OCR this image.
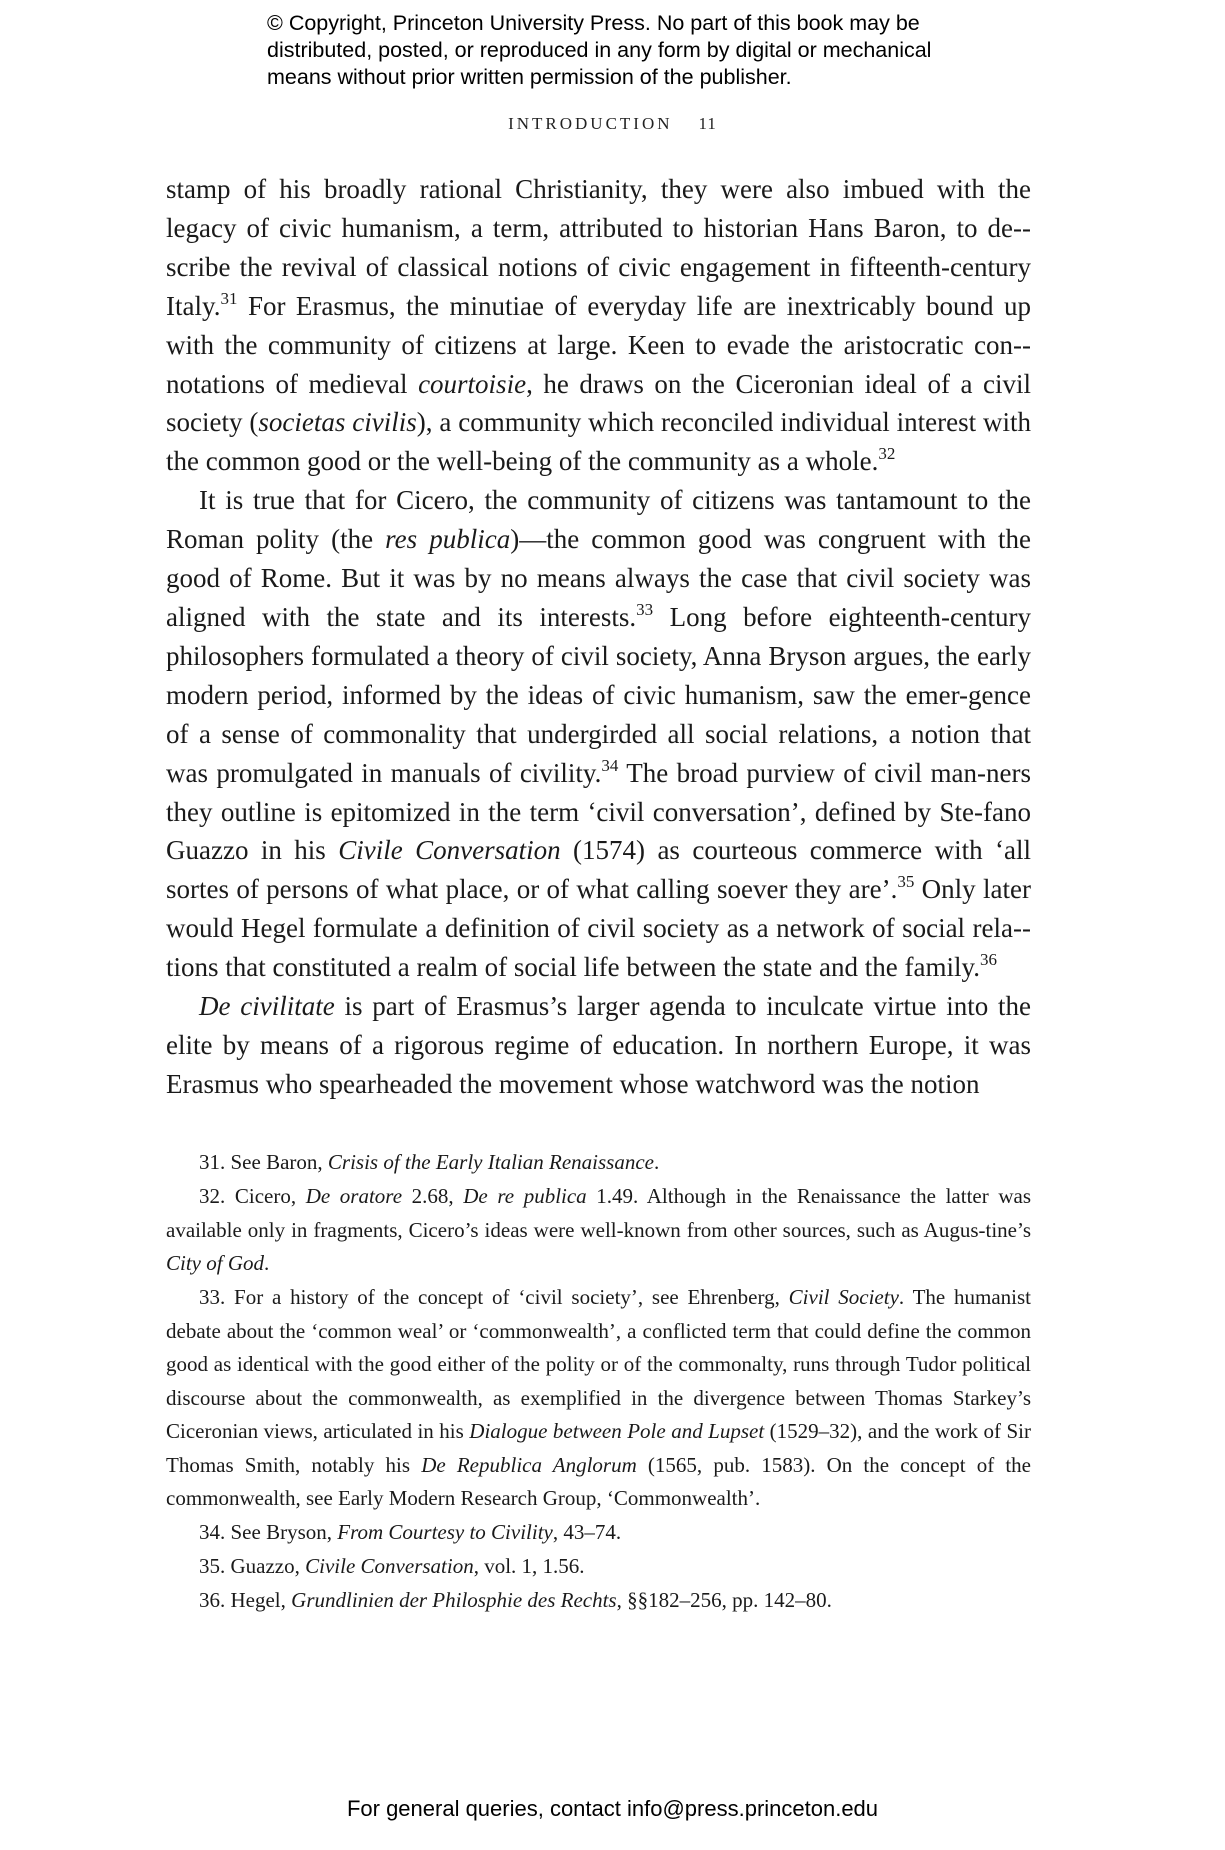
© Copyright, Princeton University Press. No part of this book may be
distributed, posted, or reproduced in any form by digital or mechanical
means without prior written permission of the publisher.
INTRODUCTION 11

stamp of his broadly rational Christianity, they were also imbued with the legacy of civic humanism, a term, attributed to historian Hans Baron, to de-scribe the revival of classical notions of civic engagement in fifteenth-century Italy.$^{31}$ For Erasmus, the minutiae of everyday life are inextricably bound up with the community of citizens at large. Keen to evade the aristocratic con-notations of medieval courtoisie, he draws on the Ciceronian ideal of a civil society (societas civilis), a community which reconciled individual interest with the common good or the well-being of the community as a whole.$^{32}$

It is true that for Cicero, the community of citizens was tantamount to the Roman polity (the res publica)—the common good was congruent with the good of Rome. But it was by no means always the case that civil society was aligned with the state and its interests.$^{33}$ Long before eighteenth-century philosophers formulated a theory of civil society, Anna Bryson argues, the early modern period, informed by the ideas of civic humanism, saw the emer-gence of a sense of commonality that undergirded all social relations, a notion that was promulgated in manuals of civility.$^{34}$ The broad purview of civil man-ners they outline is epitomized in the term ‘civil conversation’, defined by Ste-fano Guazzo in his Civile Conversation (1574) as courteous commerce with ‘all sortes of persons of what place, or of what calling soever they are’.$^{35}$ Only later would Hegel formulate a definition of civil society as a network of social rela-tions that constituted a realm of social life between the state and the family.$^{36}$

De civilitate is part of Erasmus’s larger agenda to inculcate virtue into the elite by means of a rigorous regime of education. In northern Europe, it was Erasmus who spearheaded the movement whose watchword was the notion

31. See Baron, Crisis of the Early Italian Renaissance.

32. Cicero, De oratore 2.68, De re publica 1.49. Although in the Renaissance the latter was available only in fragments, Cicero’s ideas were well-known from other sources, such as Augus-tine’s City of God.

33. For a history of the concept of ‘civil society’, see Ehrenberg, Civil Society. The humanist debate about the ‘common weal’ or ‘commonwealth’, a conflicted term that could define the common good as identical with the good either of the polity or of the commonalty, runs through Tudor political discourse about the commonwealth, as exemplified in the divergence between Thomas Starkey’s Ciceronian views, articulated in his Dialogue between Pole and Lupset (1529–32), and the work of Sir Thomas Smith, notably his De Republica Anglorum (1565, pub. 1583). On the concept of the commonwealth, see Early Modern Research Group, ‘Commonwealth’.

34. See Bryson, From Courtesy to Civility, 43–74.

35. Guazzo, Civile Conversation, vol. 1, 1.56.

36. Hegel, Grundlinien der Philosphie des Rechts, §§182–256, pp. 142–80.

For general queries, contact info@press.princeton.edu
